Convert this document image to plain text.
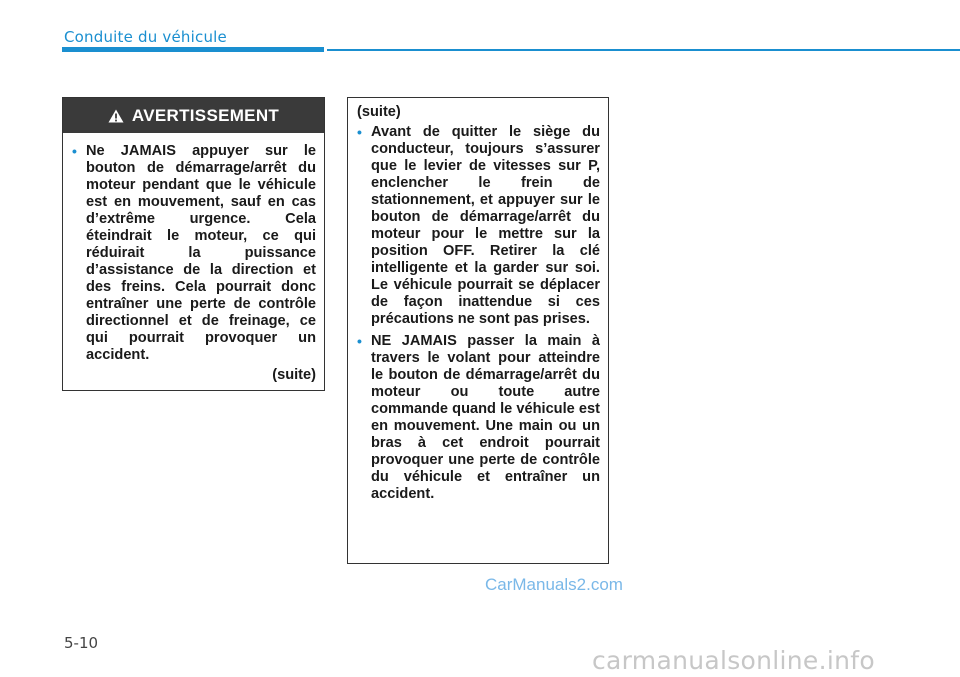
Conduite du véhicule
AVERTISSEMENT
• Ne JAMAIS appuyer sur le bouton de démarrage/arrêt du moteur pendant que le véhicule est en mouvement, sauf en cas d’extrême urgence. Cela éteindrait le moteur, ce qui réduirait la puissance d’assistance de la direction et des freins. Cela pourrait donc entraîner une perte de contrôle directionnel et de freinage, ce qui pourrait provoquer un accident.
(suite)
(suite)
• Avant de quitter le siège du conducteur, toujours s’assurer que le levier de vitesses sur P, enclencher le frein de stationnement, et appuyer sur le bouton de démarrage/arrêt du moteur pour le mettre sur la position OFF. Retirer la clé intelligente et la garder sur soi. Le véhicule pourrait se déplacer de façon inattendue si ces précautions ne sont pas prises.
• NE JAMAIS passer la main à travers le volant pour atteindre le bouton de démarrage/arrêt du moteur ou toute autre commande quand le véhicule est en mouvement. Une main ou un bras à cet endroit pourrait provoquer une perte de contrôle du véhicule et entraîner un accident.
CarManuals2.com
5-10
carmanualsonline.info
